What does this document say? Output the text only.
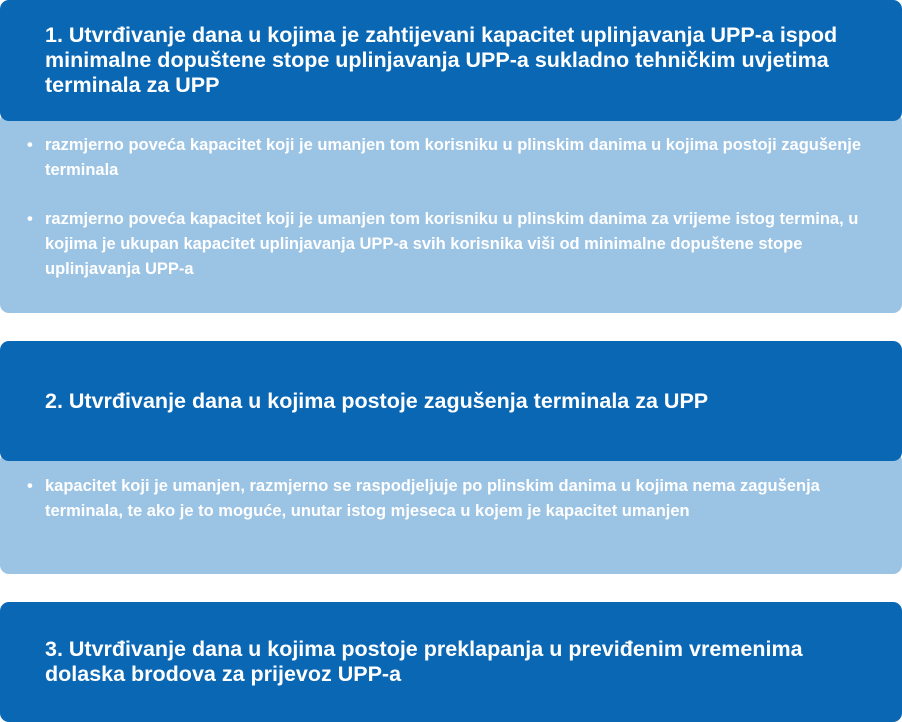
1. Utvrđivanje dana u kojima je zahtijevani kapacitet uplinjavanja UPP-a ispod minimalne dopuštene stope uplinjavanja UPP-a sukladno tehničkim uvjetima terminala za UPP

• razmjerno povećа kapacitet koji je umanjen tom korisniku u plinskim danima u kojima postoji zagušenje terminala
• razmjerno poveća kapacitet koji je umanjen tom korisniku u plinskim danima za vrijeme istog termina, u kojima je ukupan kapacitet uplinjavanja UPP-a svih korisnika viši od minimalne dopuštene stope uplinjavanja UPP-a

2. Utvrđivanje dana u kojima postoje zagušenja terminala za UPP

• kapacitet koji je umanjen, razmjerno se raspodjeljuje po plinskim danima u kojima nema zagušenja terminala, te ako je to moguće, unutar istog mjeseca u kojem je kapacitet umanjen

3. Utvrđivanje dana u kojima postoje preklapanja u previđenim vremenima dolaska brodova za prijevoz UPP-a
